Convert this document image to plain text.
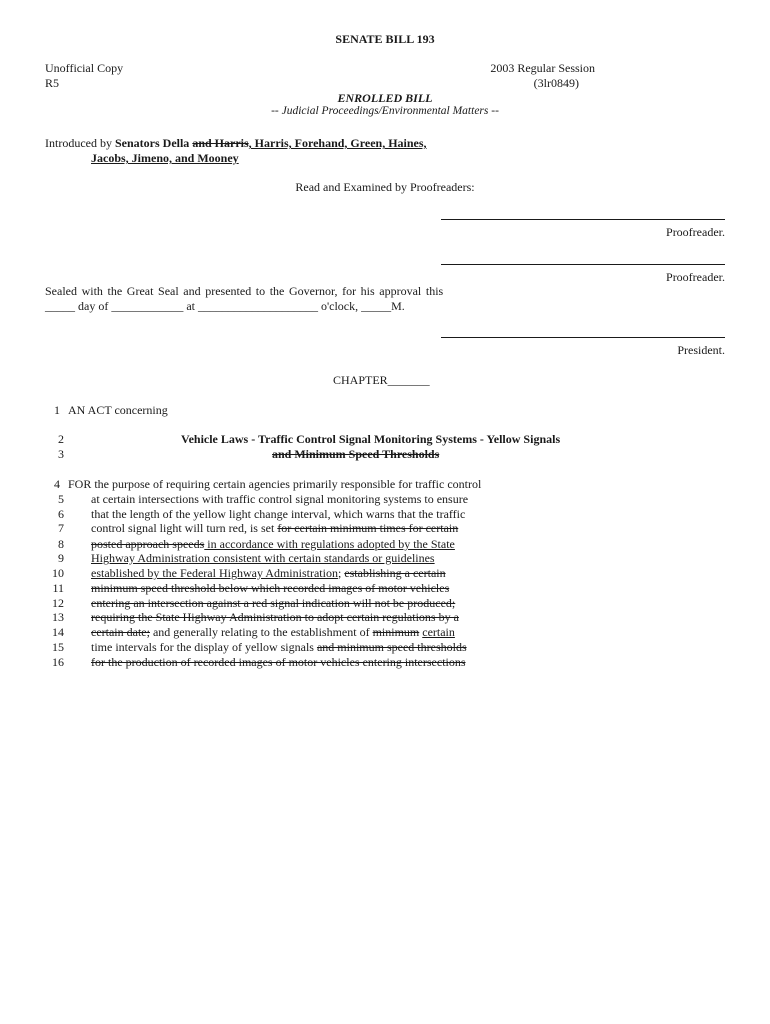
SENATE BILL 193
Unofficial Copy
R5
2003 Regular Session
(3lr0849)
ENROLLED BILL
-- Judicial Proceedings/Environmental Matters --
Introduced by Senators Della and Harris, Harris, Forehand, Green, Haines,
Jacobs, Jimeno, and Mooney
Read and Examined by Proofreaders:
Proofreader.
Proofreader.
Sealed with the Great Seal and presented to the Governor, for his approval this
_____ day of ____________ at ____________________ o'clock, _____M.
President.
CHAPTER_______
1 AN ACT concerning
2
3
Vehicle Laws - Traffic Control Signal Monitoring Systems - Yellow Signals
and Minimum Speed Thresholds
4
5
6
7
8
9
10
11
12
13
14
15
16
FOR the purpose of requiring certain agencies primarily responsible for traffic control
at certain intersections with traffic control signal monitoring systems to ensure
that the length of the yellow light change interval, which warns that the traffic
control signal light will turn red, is set for certain minimum times for certain
posted approach speeds in accordance with regulations adopted by the State
Highway Administration consistent with certain standards or guidelines
established by the Federal Highway Administration; establishing a certain
minimum speed threshold below which recorded images of motor vehicles
entering an intersection against a red signal indication will not be produced;
requiring the State Highway Administration to adopt certain regulations by a
certain date; and generally relating to the establishment of minimum certain
time intervals for the display of yellow signals and minimum speed thresholds
for the production of recorded images of motor vehicles entering intersections
